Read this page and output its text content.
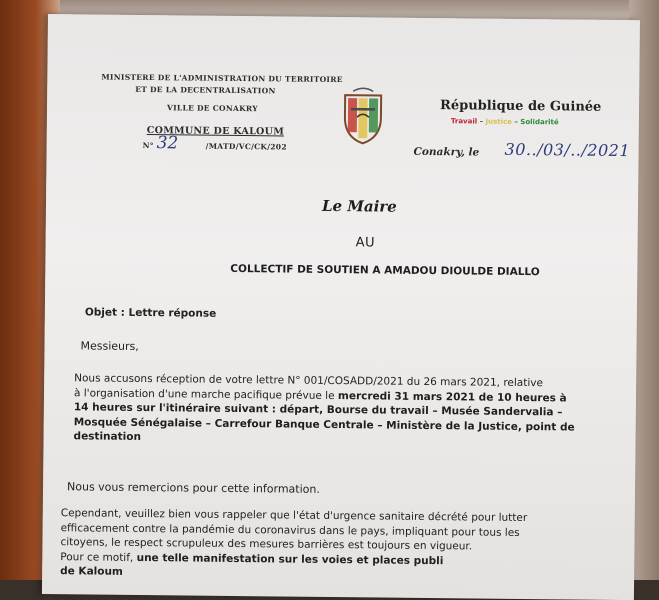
MINISTERE DE L'ADMINISTRATION DU TERRITOIRE

ET DE LA DECENTRALISATION

VILLE DE CONAKRY

COMMUNE DE KALOUM

N°	/MATD/VC/CK/202

32

République de Guinée

Travail – Justice – Solidarité

Conakry, le 30../03/../2021

Le Maire

AU

COLLECTIF DE SOUTIEN A AMADOU DIOULDE DIALLO

Objet : Lettre réponse

Messieurs,

Nous accusons réception de votre lettre N° 001/COSADD/2021 du 26 mars 2021, relative
à l'organisation d'une marche pacifique prévue le mercredi 31 mars 2021 de 10 heures à
14 heures sur l'itinéraire suivant : départ, Bourse du travail – Musée Sandervalia –
Mosquée Sénégalaise – Carrefour Banque Centrale – Ministère de la Justice, point de
destination

Nous vous remercions pour cette information.

Cependant, veuillez bien vous rappeler que l'état d'urgence sanitaire décrété pour lutter
efficacement contre la pandémie du coronavirus dans le pays, impliquant pour tous les
citoyens, le respect scrupuleux des mesures barrières est toujours en vigueur.
Pour ce motif, une telle manifestation sur les voies et places publi
de Kaloum
